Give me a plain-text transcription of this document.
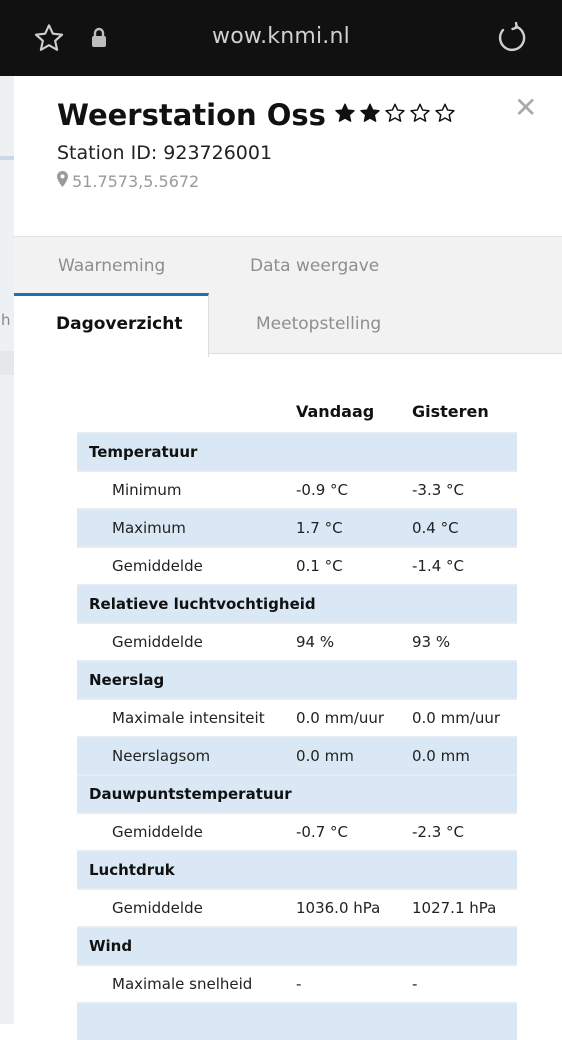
wow.knmi.nl
h
Weerstation Oss	✕
Station ID: 923726001
51.7573,5.5672
Waarneming	Data weergave
Dagoverzicht	Meetopstelling
Vandaag Gisteren
Temperatuur
Minimum	-0.9 °C	-3.3 °C
Maximum	1.7 °C	0.4 °C
Gemiddelde	0.1 °C	-1.4 °C
Relatieve luchtvochtigheid
Gemiddelde	94 %	93 %
Neerslag
Maximale intensiteit 0.0 mm/uur 0.0 mm/uur
Neerslagsom	0.0 mm	0.0 mm
Dauwpuntstemperatuur
Gemiddelde	-0.7 °C	-2.3 °C
Luchtdruk
Gemiddelde	1036.0 hPa 1027.1 hPa
Wind
Maximale snelheid	-	-
